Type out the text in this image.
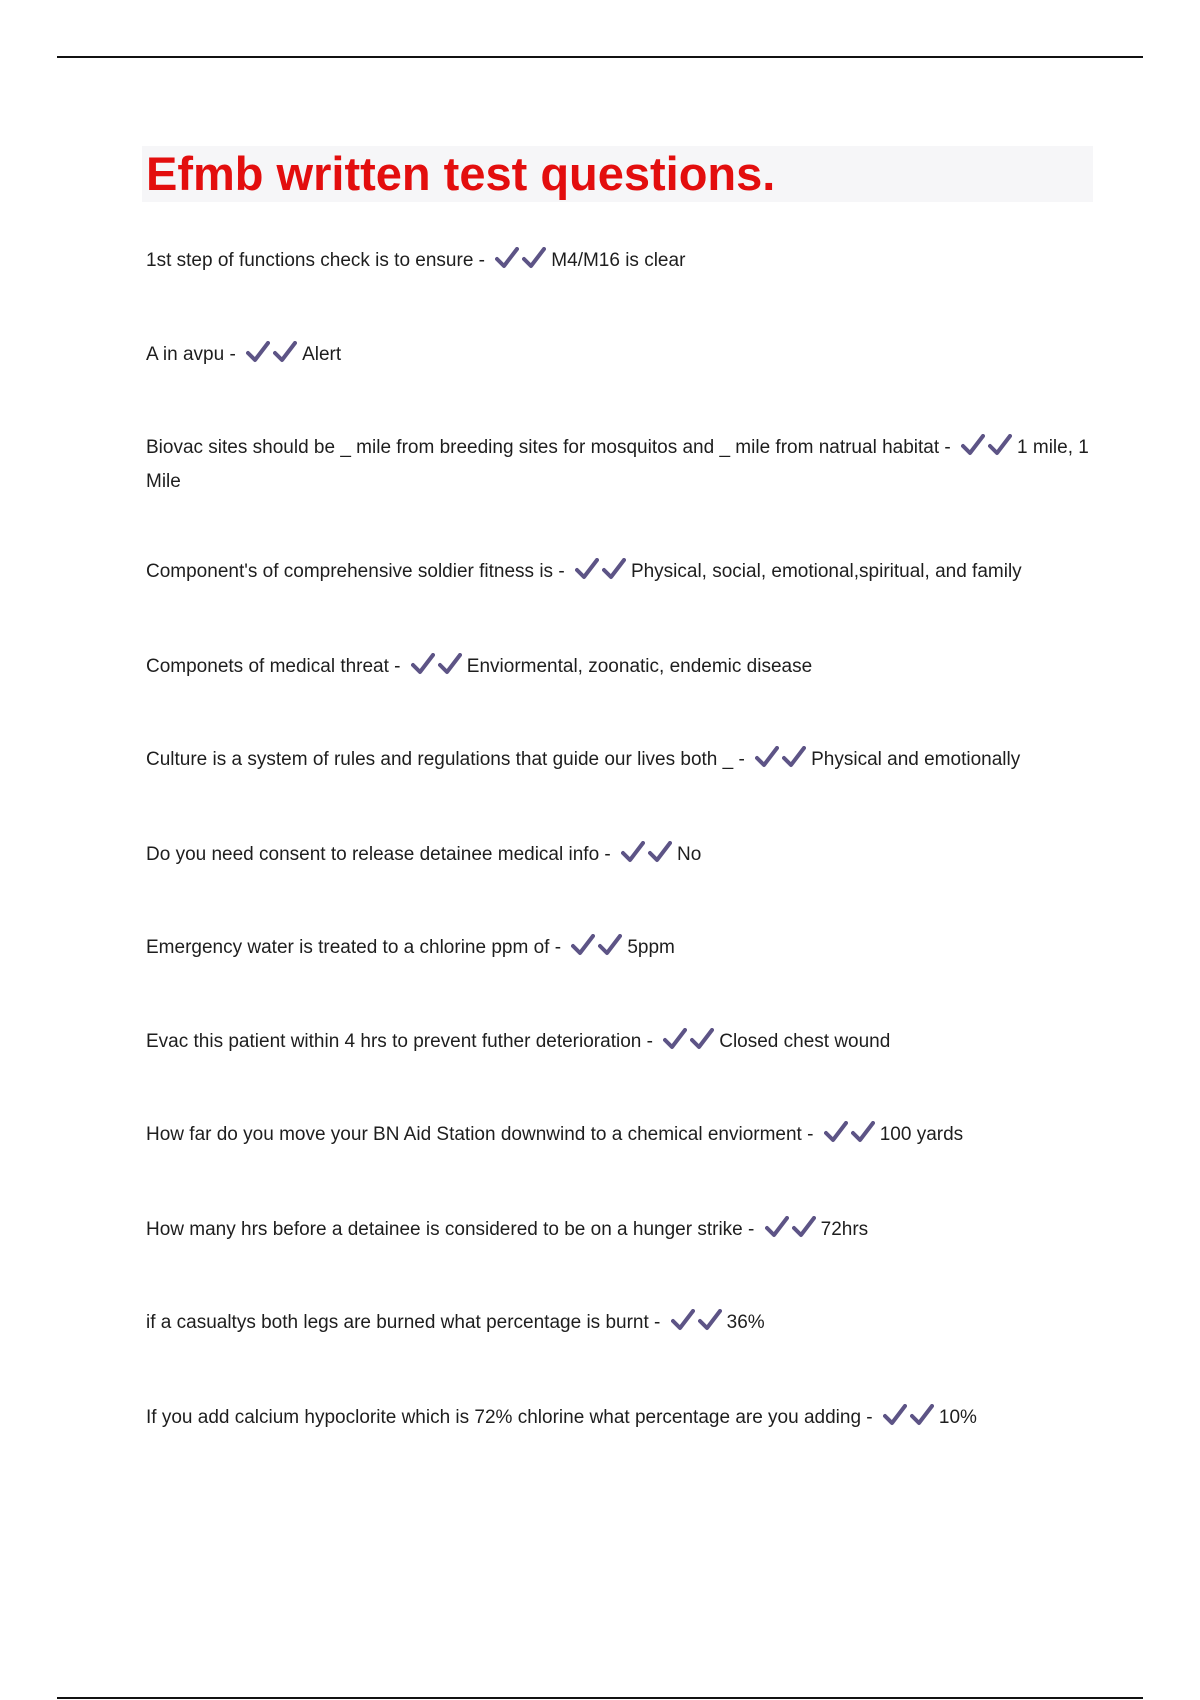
Efmb written test questions.
1st step of functions check is to ensure -	M4/M16 is clear
A in avpu -	Alert
Biovac sites should be _ mile from breeding sites for mosquitos and _ mile from natrual habitat -	1 mile, 1 Mile
Component's of comprehensive soldier fitness is -	Physical, social, emotional,spiritual, and family
Componets of medical threat -	Enviormental, zoonatic, endemic disease
Culture is a system of rules and regulations that guide our lives both _ -	Physical and emotionally
Do you need consent to release detainee medical info -	No
Emergency water is treated to a chlorine ppm of -	5ppm
Evac this patient within 4 hrs to prevent futher deterioration -	Closed chest wound
How far do you move your BN Aid Station downwind to a chemical enviorment -	100 yards
How many hrs before a detainee is considered to be on a hunger strike -	72hrs
if a casualtys both legs are burned what percentage is burnt -	36%
If you add calcium hypoclorite which is 72% chlorine what percentage are you adding -	10%
